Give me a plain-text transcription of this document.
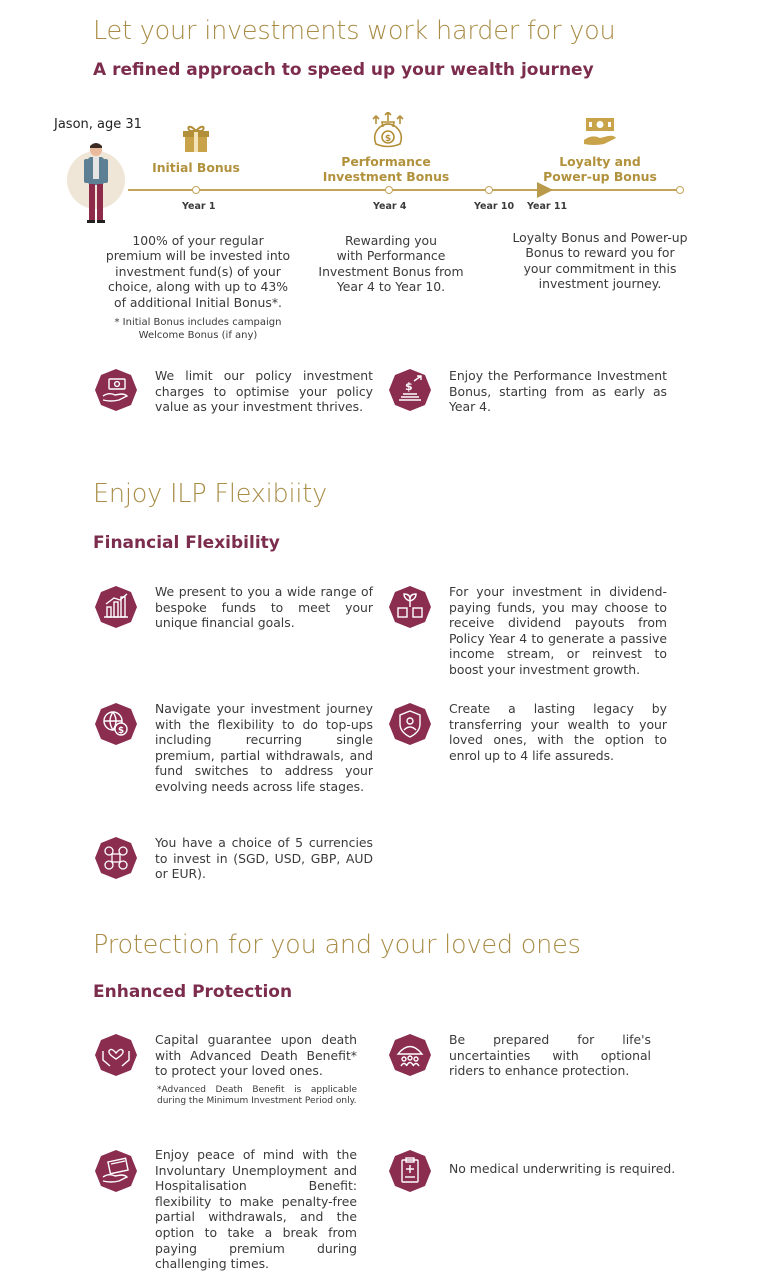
Let your investments work harder for you
A refined approach to speed up your wealth journey
Jason, age 31
$
Initial Bonus	Performance
Investment Bonus
Loyalty and
Power-up Bonus
Year 1	Year 4	Year 10 Year 11
100% of your regular
premium will be invested into
investment fund(s) of your
choice, along with up to 43%
of additional Initial Bonus*.
* Initial Bonus includes campaign
Welcome Bonus (if any)
Rewarding you
with Performance
Investment Bonus from
Year 4 to Year 10.
Loyalty Bonus and Power-up
Bonus to reward you for
your commitment in this
investment journey.
We limit our policy investment charges to optimise your policy value as your investment thrives.
$
Enjoy the Performance Investment Bonus, starting from as early as Year 4.
Enjoy ILP Flexibiity
Financial Flexibility
We present to you a wide range of bespoke funds to meet your unique financial goals.
For your investment in dividend-paying funds, you may choose to receive dividend payouts from Policy Year 4 to generate a passive income stream, or reinvest to boost your investment growth.
$
Navigate your investment journey with the flexibility to do top-ups including recurring single premium, partial withdrawals, and fund switches to address your evolving needs across life stages.
Create a lasting legacy by transferring your wealth to your loved ones, with the option to enrol up to 4 life assureds.
You have a choice of 5 currencies to invest in (SGD, USD, GBP, AUD or EUR).
Protection for you and your loved ones
Enhanced Protection
Capital guarantee upon death with Advanced Death Benefit* to protect your loved ones.
*Advanced Death Benefit is applicable during the Minimum Investment Period only.
Be prepared for life's uncertainties with optional riders to enhance protection.
Enjoy peace of mind with the Involuntary Unemployment and Hospitalisation Benefit: flexibility to make penalty-free partial withdrawals, and the option to take a break from paying premium during challenging times.
No medical underwriting is required.
